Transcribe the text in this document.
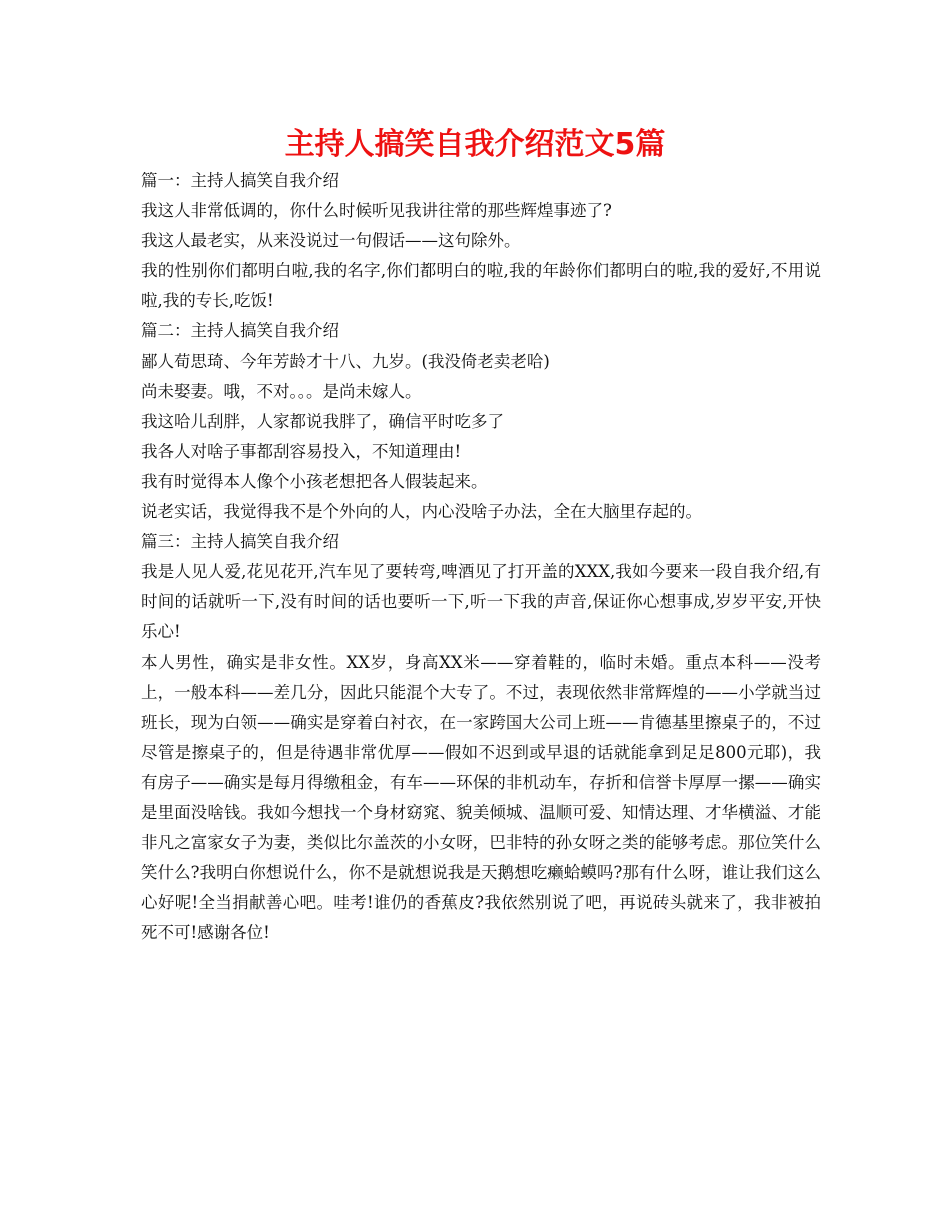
主持人搞笑自我介绍范文5篇

篇一：主持人搞笑自我介绍

我这人非常低调的，你什么时候听见我讲往常的那些辉煌事迹了?

我这人最老实，从来没说过一句假话——这句除外。

我的性别你们都明白啦,我的名字,你们都明白的啦,我的年龄你们都明白的啦,我的爱好,不用说啦,我的专长,吃饭!

篇二：主持人搞笑自我介绍

鄙人荀思琦、今年芳龄才十八、九岁。(我没倚老卖老哈)

尚未娶妻。哦，不对。。。是尚未嫁人。

我这哈儿刮胖，人家都说我胖了，确信平时吃多了

我各人对啥子事都刮容易投入，不知道理由!

我有时觉得本人像个小孩老想把各人假装起来。

说老实话，我觉得我不是个外向的人，内心没啥子办法，全在大脑里存起的。

篇三：主持人搞笑自我介绍

我是人见人爱,花见花开,汽车见了要转弯,啤酒见了打开盖的XXX,我如今要来一段自我介绍,有时间的话就听一下,没有时间的话也要听一下,听一下我的声音,保证你心想事成,岁岁平安,开快乐心!

本人男性，确实是非女性。XX岁，身高XX米——穿着鞋的，临时未婚。重点本科——没考上，一般本科——差几分，因此只能混个大专了。不过，表现依然非常辉煌的——小学就当过班长，现为白领——确实是穿着白衬衣，在一家跨国大公司上班——肯德基里擦桌子的，不过尽管是擦桌子的，但是待遇非常优厚——假如不迟到或早退的话就能拿到足足800元耶)，我有房子——确实是每月得缴租金，有车——环保的非机动车，存折和信誉卡厚厚一摞——确实是里面没啥钱。我如今想找一个身材窈窕、貌美倾城、温顺可爱、知情达理、才华横溢、才能非凡之富家女子为妻，类似比尔盖茨的小女呀，巴非特的孙女呀之类的能够考虑。那位笑什么笑什么?我明白你想说什么，你不是就想说我是天鹅想吃癞蛤蟆吗?那有什么呀，谁让我们这么心好呢!全当捐献善心吧。哇考!谁仍的香蕉皮?我依然别说了吧，再说砖头就来了，我非被拍死不可!感谢各位!
